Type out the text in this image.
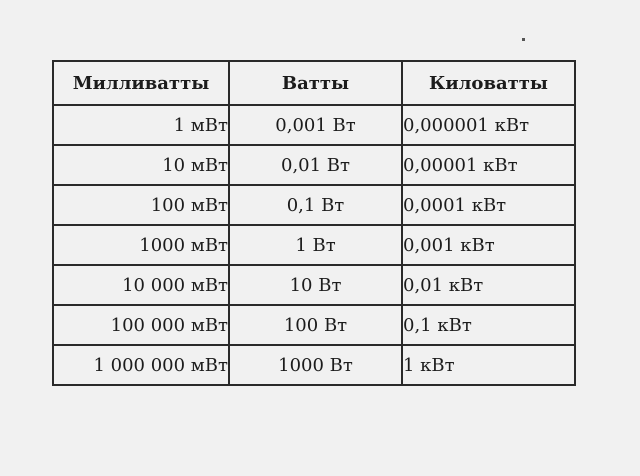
Милливатты	Ватты	Киловатты
1 мВт	0,001 Вт	0,000001 кВт
10 мВт	0,01 Вт	0,00001 кВт
100 мВт	0,1 Вт	0,0001 кВт
1000 мВт	1 Вт	0,001 кВт
10 000 мВт	10 Вт	0,01 кВт
100 000 мВт	100 Вт	0,1 кВт
1 000 000 мВт	1000 Вт	1 кВт
